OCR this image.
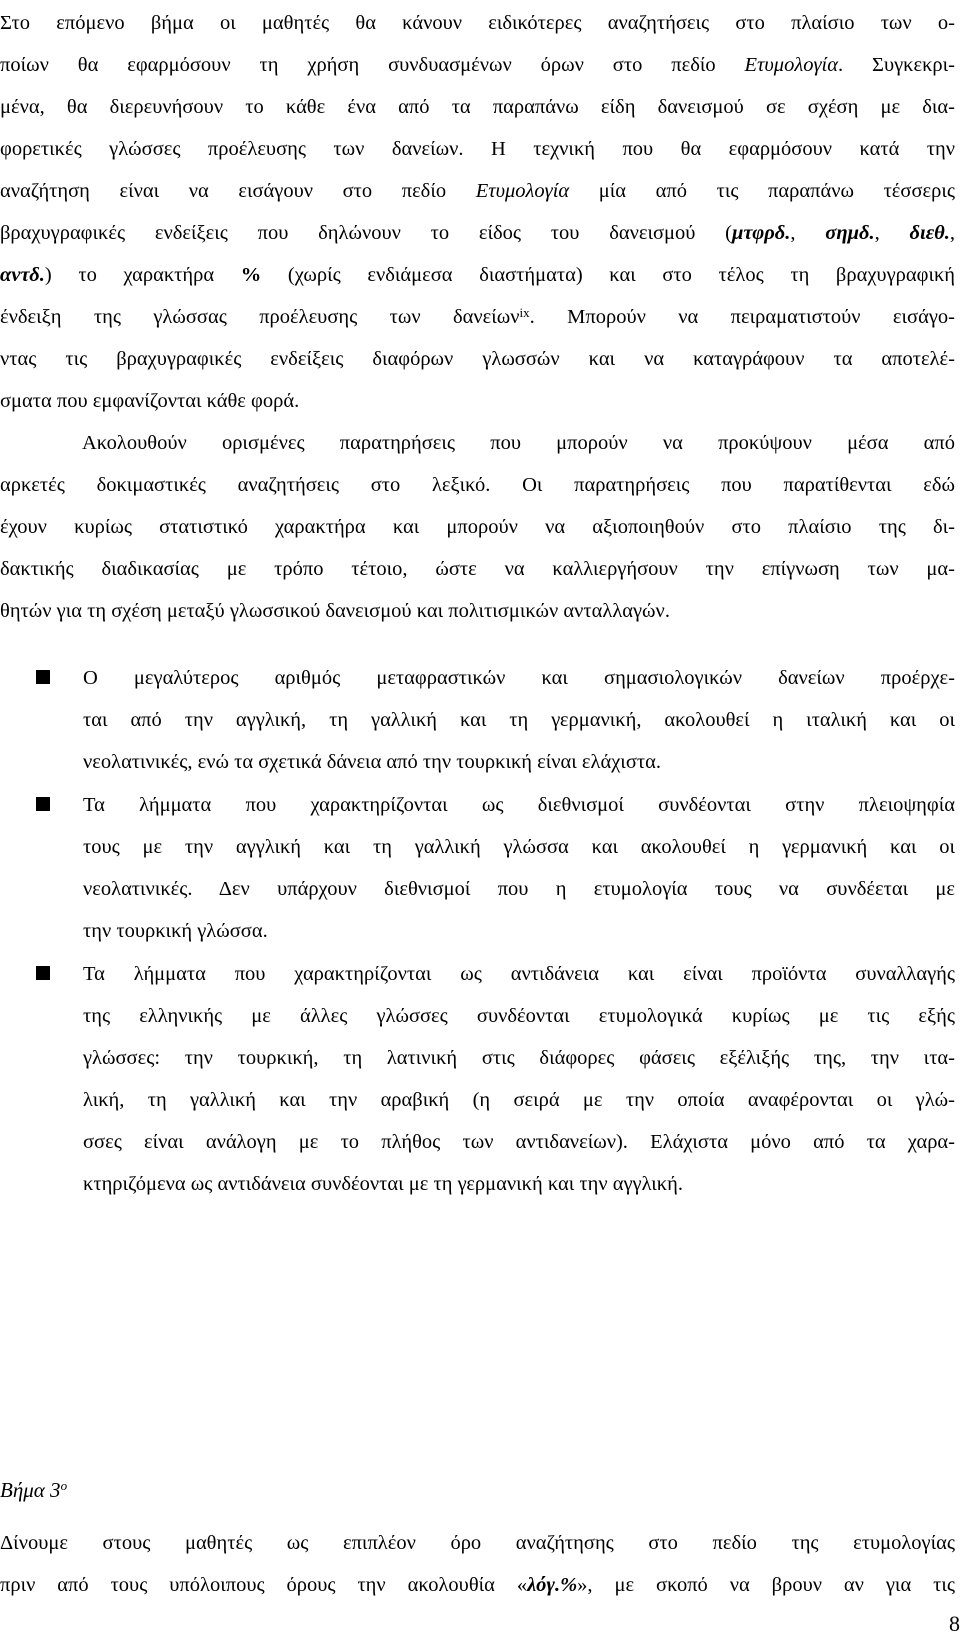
Στο επόμενο βήμα οι μαθητές θα κάνουν ειδικότερες αναζητήσεις στο πλαίσιο των ο-
ποίων θα εφαρμόσουν τη χρήση συνδυασμένων όρων στο πεδίο Ετυμολογία. Συγκεκρι-
μένα, θα διερευνήσουν το κάθε ένα από τα παραπάνω είδη δανεισμού σε σχέση με δια-
φορετικές γλώσσες προέλευσης των δανείων. Η τεχνική που θα εφαρμόσουν κατά την
αναζήτηση είναι να εισάγουν στο πεδίο Ετυμολογία μία από τις παραπάνω τέσσερις
βραχυγραφικές ενδείξεις που δηλώνουν το είδος του δανεισμού (μτφρδ., σημδ., διεθ.,
αντδ.) το χαρακτήρα % (χωρίς ενδιάμεσα διαστήματα) και στο τέλος τη βραχυγραφική
ένδειξη της γλώσσας προέλευσης των δανείων$^{ix}$. Μπορούν να πειραματιστούν εισάγο-
ντας τις βραχυγραφικές ενδείξεις διαφόρων γλωσσών και να καταγράφουν τα αποτελέ-
σματα που εμφανίζονται κάθε φορά.
Ακολουθούν ορισμένες παρατηρήσεις που μπορούν να προκύψουν μέσα από
αρκετές δοκιμαστικές αναζητήσεις στο λεξικό. Οι παρατηρήσεις που παρατίθενται εδώ
έχουν κυρίως στατιστικό χαρακτήρα και μπορούν να αξιοποιηθούν στο πλαίσιο της δι-
δακτικής διαδικασίας με τρόπο τέτοιο, ώστε να καλλιεργήσουν την επίγνωση των μα-
θητών για τη σχέση μεταξύ γλωσσικού δανεισμού και πολιτισμικών ανταλλαγών.
Ο μεγαλύτερος αριθμός μεταφραστικών και σημασιολογικών δανείων προέρχε-
ται από την αγγλική, τη γαλλική και τη γερμανική, ακολουθεί η ιταλική και οι
νεολατινικές, ενώ τα σχετικά δάνεια από την τουρκική είναι ελάχιστα.
Τα λήμματα που χαρακτηρίζονται ως διεθνισμοί συνδέονται στην πλειοψηφία
τους με την αγγλική και τη γαλλική γλώσσα και ακολουθεί η γερμανική και οι
νεολατινικές. Δεν υπάρχουν διεθνισμοί που η ετυμολογία τους να συνδέεται με
την τουρκική γλώσσα.
Τα λήμματα που χαρακτηρίζονται ως αντιδάνεια και είναι προϊόντα συναλλαγής
της ελληνικής με άλλες γλώσσες συνδέονται ετυμολογικά κυρίως με τις εξής
γλώσσες: την τουρκική, τη λατινική στις διάφορες φάσεις εξέλιξής της, την ιτα-
λική, τη γαλλική και την αραβική (η σειρά με την οποία αναφέρονται οι γλώ-
σσες είναι ανάλογη με το πλήθος των αντιδανείων). Ελάχιστα μόνο από τα χαρα-
κτηριζόμενα ως αντιδάνεια συνδέονται με τη γερμανική και την αγγλική.

Βήμα $3^o$

Δίνουμε στους μαθητές ως επιπλέον όρο αναζήτησης στο πεδίο της ετυμολογίας
πριν από τους υπόλοιπους όρους την ακολουθία «λόγ.%», με σκοπό να βρουν αν για τις
8
